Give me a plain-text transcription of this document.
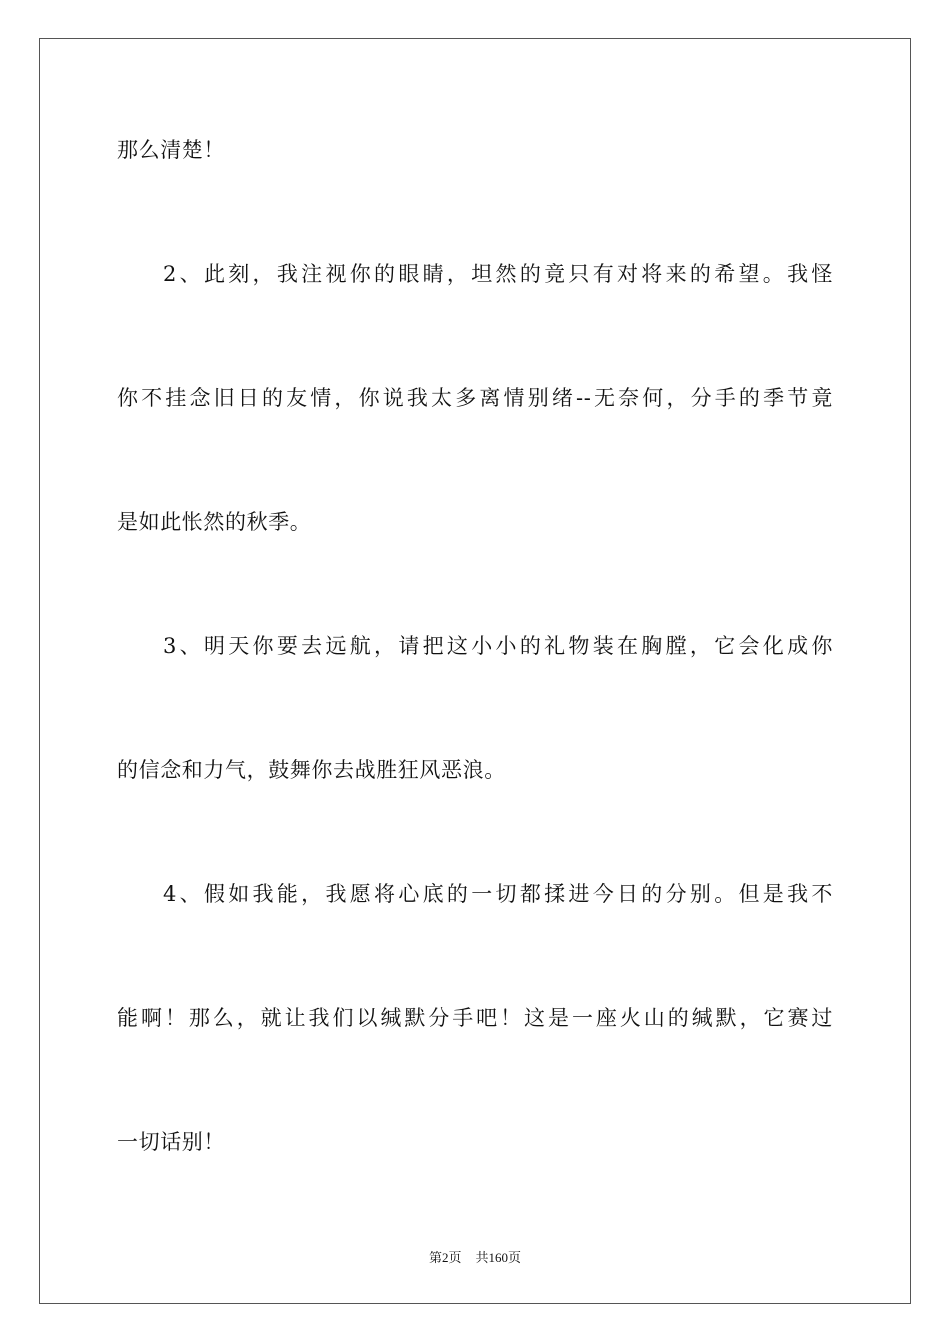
那么清楚！
2、此刻，我注视你的眼睛，坦然的竟只有对将来的希望。我怪
你不挂念旧日的友情，你说我太多离情别绪--无奈何，分手的季节竟
是如此怅然的秋季。
3、明天你要去远航，请把这小小的礼物装在胸膛，它会化成你
的信念和力气，鼓舞你去战胜狂风恶浪。
4、假如我能，我愿将心底的一切都揉进今日的分别。但是我不
能啊！那么，就让我们以缄默分手吧！这是一座火山的缄默，它赛过
一切话别！
第2页 共160页
